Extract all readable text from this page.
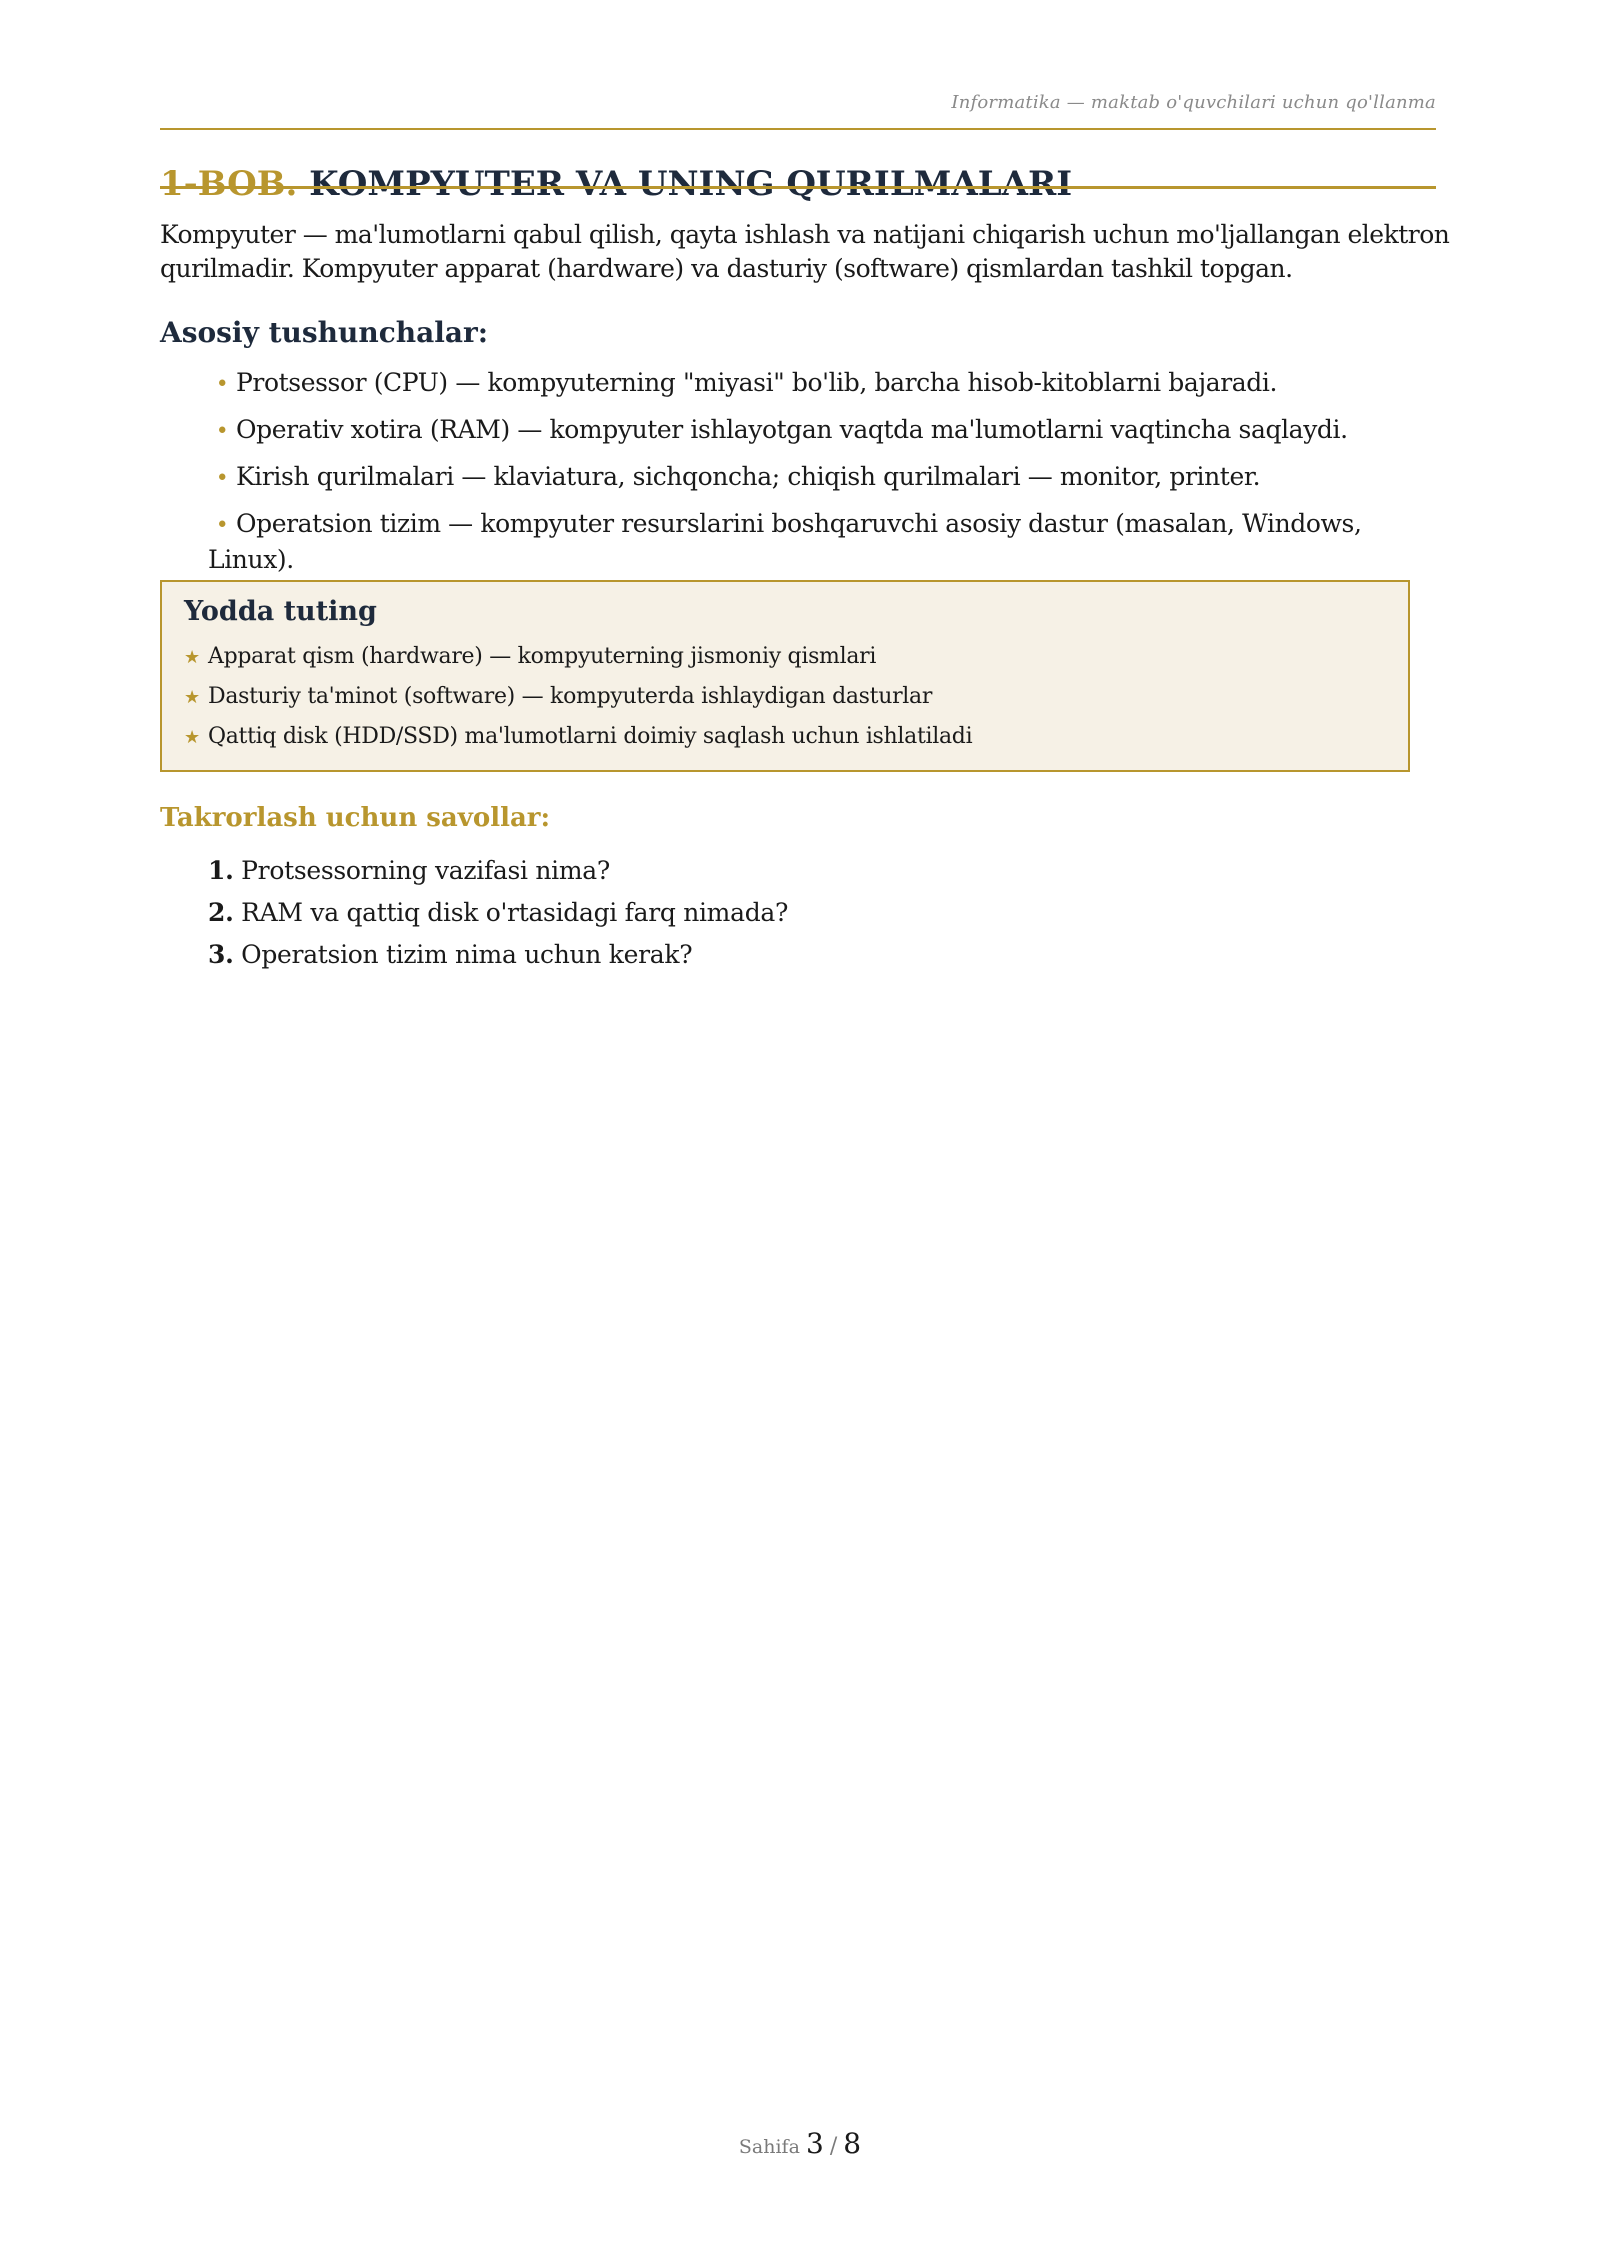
Informatika — maktab o'quvchilari uchun qo'llanma
1-BOB. KOMPYUTER VA UNING QURILMALARI

Kompyuter — ma'lumotlarni qabul qilish, qayta ishlash va natijani chiqarish uchun mo'ljallangan elektron qurilmadir. Kompyuter apparat (hardware) va dasturiy (software) qismlardan tashkil topgan.

Asosiy tushunchalar:
• Protsessor (CPU) — kompyuterning "miyasi" bo'lib, barcha hisob-kitoblarni bajaradi.
• Operativ xotira (RAM) — kompyuter ishlayotgan vaqtda ma'lumotlarni vaqtincha saqlaydi.
• Kirish qurilmalari — klaviatura, sichqoncha; chiqish qurilmalari — monitor, printer.
• Operatsion tizim — kompyuter resurslarini boshqaruvchi asosiy dastur (masalan, Windows, Linux).
Yodda tuting
★ Apparat qism (hardware) — kompyuterning jismoniy qismlari
★ Dasturiy ta'minot (software) — kompyuterda ishlaydigan dasturlar
★ Qattiq disk (HDD/SSD) ma'lumotlarni doimiy saqlash uchun ishlatiladi
Takrorlash uchun savollar:
1. Protsessorning vazifasi nima?
2. RAM va qattiq disk o'rtasidagi farq nimada?
3. Operatsion tizim nima uchun kerak?
Sahifa 3 / 8
